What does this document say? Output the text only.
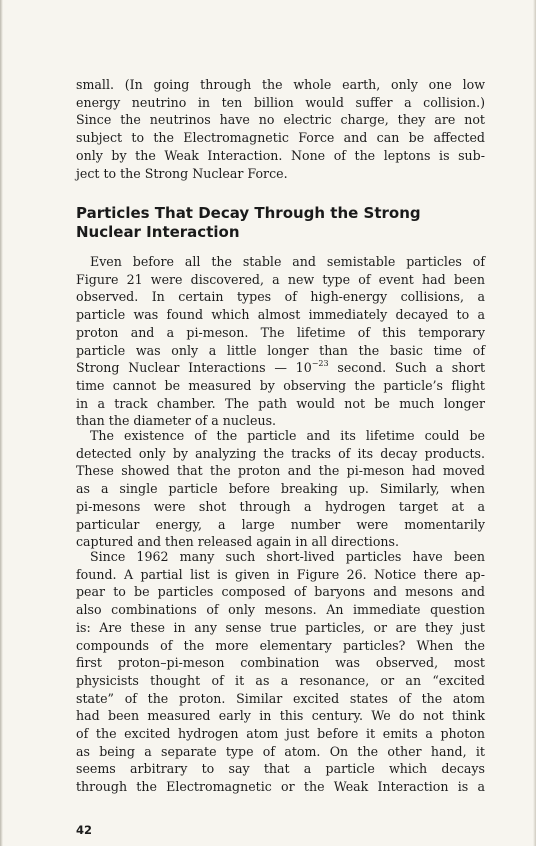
small. (In going through the whole earth, only one low
energy neutrino in ten billion would suffer a collision.)
Since the neutrinos have no electric charge, they are not
subject to the Electromagnetic Force and can be affected
only by the Weak Interaction. None of the leptons is sub-
ject to the Strong Nuclear Force.
Particles That Decay Through the Strong
Nuclear Interaction
Even before all the stable and semistable particles of
Figure 21 were discovered, a new type of event had been
observed. In certain types of high-energy collisions, a
particle was found which almost immediately decayed to a
proton and a pi-meson. The lifetime of this temporary
particle was only a little longer than the basic time of
Strong Nuclear Interactions — $10^{-23}$ second. Such a short
time cannot be measured by observing the particle’s flight
in a track chamber. The path would not be much longer
than the diameter of a nucleus.
The existence of the particle and its lifetime could be
detected only by analyzing the tracks of its decay products.
These showed that the proton and the pi-meson had moved
as a single particle before breaking up. Similarly, when
pi-mesons were shot through a hydrogen target at a
particular energy, a large number were momentarily
captured and then released again in all directions.
Since 1962 many such short-lived particles have been
found. A partial list is given in Figure 26. Notice there ap-
pear to be particles composed of baryons and mesons and
also combinations of only mesons. An immediate question
is: Are these in any sense true particles, or are they just
compounds of the more elementary particles? When the
first proton–pi-meson combination was observed, most
physicists thought of it as a resonance, or an “excited
state” of the proton. Similar excited states of the atom
had been measured early in this century. We do not think
of the excited hydrogen atom just before it emits a photon
as being a separate type of atom. On the other hand, it
seems arbitrary to say that a particle which decays
through the Electromagnetic or the Weak Interaction is a
42
